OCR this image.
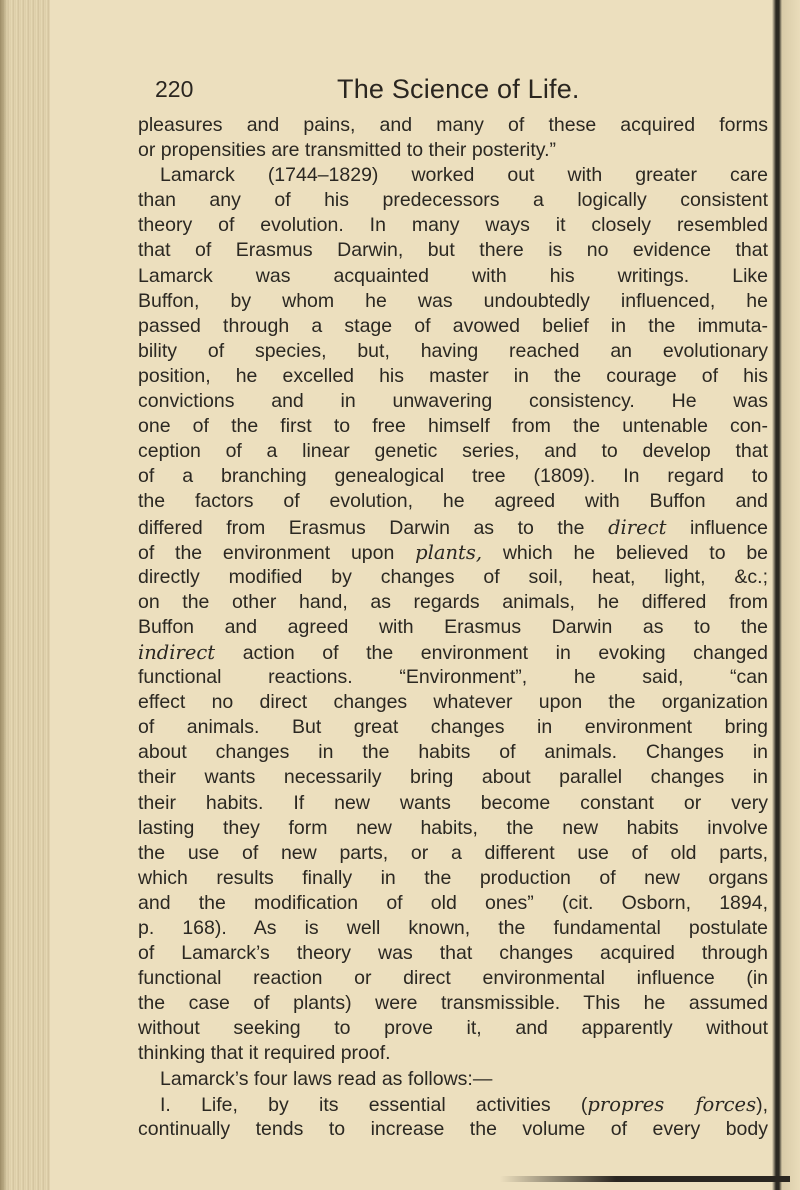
220	The Science of Life.
pleasures and pains, and many of these acquired forms
or propensities are transmitted to their posterity.”
Lamarck (1744–1829) worked out with greater care
than any of his predecessors a logically consistent
theory of evolution. In many ways it closely resembled
that of Erasmus Darwin, but there is no evidence that
Lamarck was acquainted with his writings. Like
Buffon, by whom he was undoubtedly influenced, he
passed through a stage of avowed belief in the immuta-
bility of species, but, having reached an evolutionary
position, he excelled his master in the courage of his
convictions and in unwavering consistency. He was
one of the first to free himself from the untenable con-
ception of a linear genetic series, and to develop that
of a branching genealogical tree (1809). In regard to
the factors of evolution, he agreed with Buffon and
differed from Erasmus Darwin as to the direct influence
of the environment upon plants, which he believed to be
directly modified by changes of soil, heat, light, &c.;
on the other hand, as regards animals, he differed from
Buffon and agreed with Erasmus Darwin as to the
indirect action of the environment in evoking changed
functional reactions. “Environment”, he said, “can
effect no direct changes whatever upon the organization
of animals. But great changes in environment bring
about changes in the habits of animals. Changes in
their wants necessarily bring about parallel changes in
their habits. If new wants become constant or very
lasting they form new habits, the new habits involve
the use of new parts, or a different use of old parts,
which results finally in the production of new organs
and the modification of old ones” (cit. Osborn, 1894,
p. 168). As is well known, the fundamental postulate
of Lamarck’s theory was that changes acquired through
functional reaction or direct environmental influence (in
the case of plants) were transmissible. This he assumed
without seeking to prove it, and apparently without
thinking that it required proof.
Lamarck’s four laws read as follows:—
I. Life, by its essential activities (propres forces),
continually tends to increase the volume of every body
